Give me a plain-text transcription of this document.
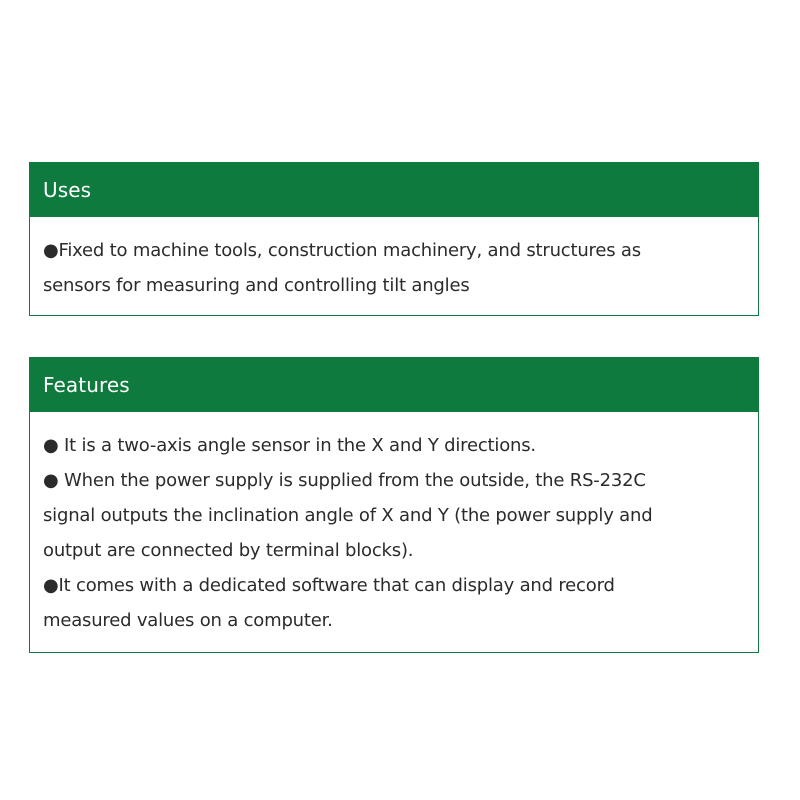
Uses
●Fixed to machine tools, construction machinery, and structures as
sensors for measuring and controlling tilt angles
Features
● It is a two-axis angle sensor in the X and Y directions.
● When the power supply is supplied from the outside, the RS-232C
signal outputs the inclination angle of X and Y (the power supply and
output are connected by terminal blocks).
●It comes with a dedicated software that can display and record
measured values on a computer.
